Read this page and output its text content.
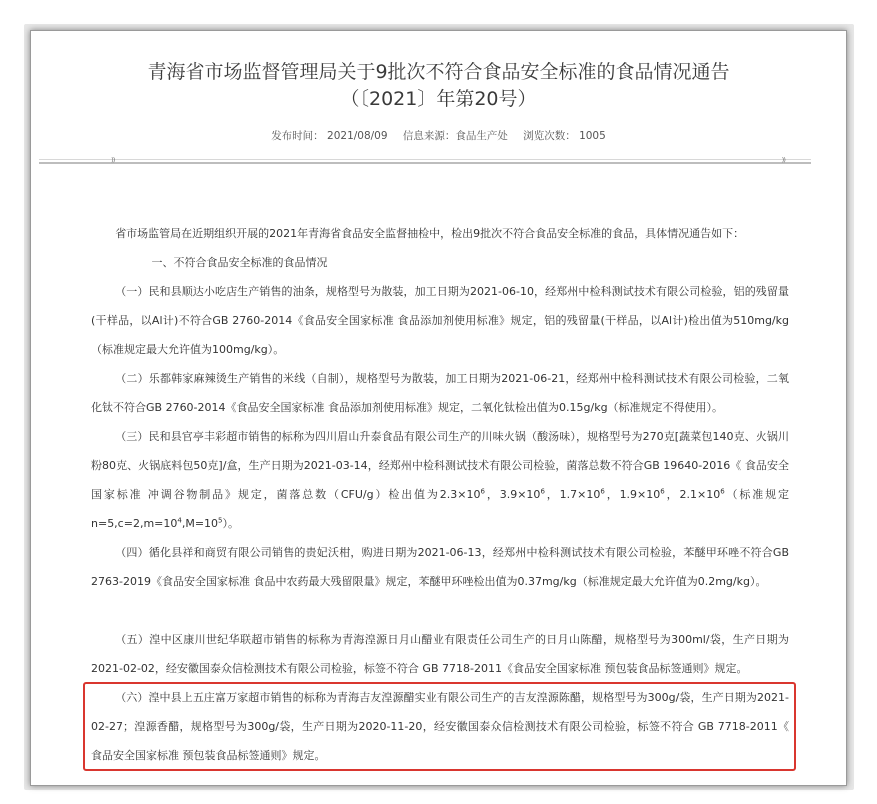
青海省市场监督管理局关于9批次不符合食品安全标准的食品情况通告
（〔2021〕年第20号）
发布时间： 2021/08/09 信息来源：食品生产处 浏览次数： 1005
⁾⁾	⁾⁾
省市场监管局在近期组织开展的2021年青海省食品安全监督抽检中，检出9批次不符合食品安全标准的食品，具体情况通告如下：
一、不符合食品安全标准的食品情况
（一）民和县顺达小吃店生产销售的油条，规格型号为散装，加工日期为2021-06-10，经郑州中检科测试技术有限公司检验，铝的残留量(干样品，以Al计)不符合GB 2760-2014《食品安全国家标准 食品添加剂使用标准》规定，铝的残留量(干样品，以Al计)检出值为510mg/kg（标准规定最大允许值为100mg/kg）。
（二）乐都韩家麻辣烫生产销售的米线（自制），规格型号为散装，加工日期为2021-06-21，经郑州中检科测试技术有限公司检验，二氧化钛不符合GB 2760-2014《食品安全国家标准 食品添加剂使用标准》规定，二氧化钛检出值为0.15g/kg（标准规定不得使用）。
（三）民和县官亭丰彩超市销售的标称为四川眉山升泰食品有限公司生产的川味火锅（酸汤味），规格型号为270克[蔬菜包140克、火锅川粉80克、火锅底料包50克]/盒，生产日期为2021-03-14，经郑州中检科测试技术有限公司检验，菌落总数不符合GB 19640-2016《 食品安全国家标准 冲调谷物制品》规定，菌落总数（CFU/g）检出值为$2.3\times 10^6$，$3.9\times 10^6$，$1.7\times 10^6$，$1.9\times 10^6$，$2.1\times 10^6$（标准规定$n=5,c=2,m=10^4,M=10^5$）。
（四）循化县祥和商贸有限公司销售的贵妃沃柑，购进日期为2021-06-13，经郑州中检科测试技术有限公司检验，苯醚甲环唑不符合GB 2763-2019《食品安全国家标准 食品中农药最大残留限量》规定，苯醚甲环唑检出值为0.37mg/kg（标准规定最大允许值为0.2mg/kg）。
（五）湟中区康川世纪华联超市销售的标称为青海湟源日月山醋业有限责任公司生产的日月山陈醋，规格型号为300ml/袋，生产日期为2021-02-02，经安徽国泰众信检测技术有限公司检验，标签不符合 GB 7718-2011《食品安全国家标准 预包装食品标签通则》规定。
（六）湟中县上五庄富万家超市销售的标称为青海吉友湟源醋实业有限公司生产的吉友湟源陈醋，规格型号为300g/袋，生产日期为2021-02-27；湟源香醋，规格型号为300g/袋，生产日期为2020-11-20，经安徽国泰众信检测技术有限公司检验，标签不符合 GB 7718-2011《 食品安全国家标准 预包装食品标签通则》规定。
